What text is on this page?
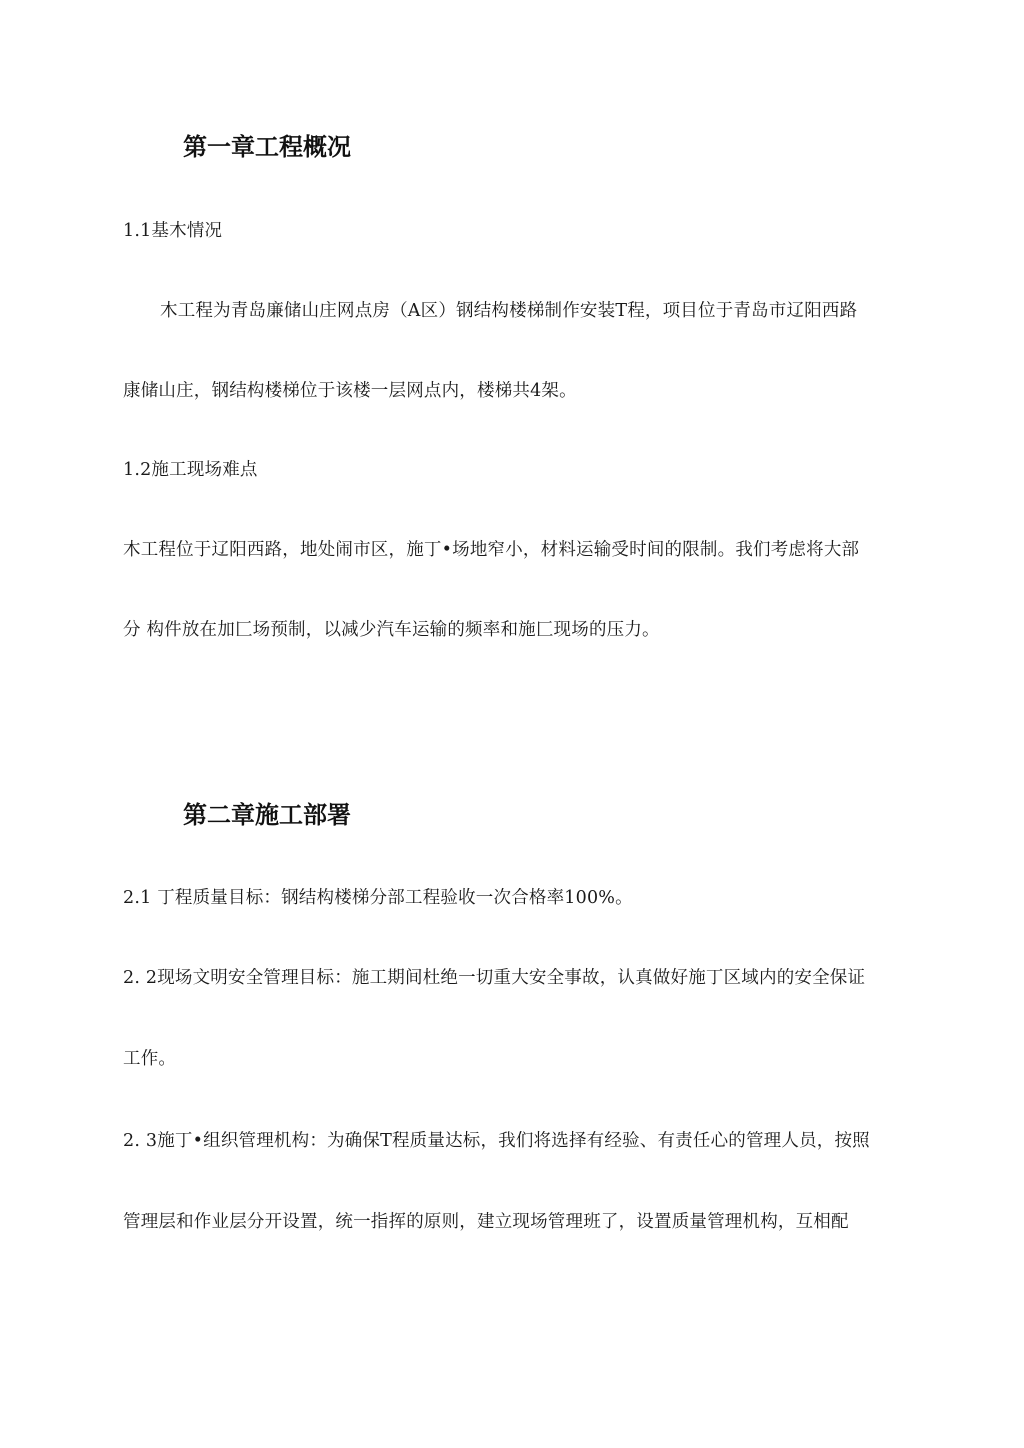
第一章工程概况
1.1基木情况
木工程为青岛廉储山庄网点房（A区）钢结构楼梯制作安装T程，项目位于青岛市辽阳西路
康储山庄，钢结构楼梯位于该楼一层网点内，楼梯共4架。
1.2施工现场难点
木工程位于辽阳西路，地处闹市区，施丁•场地窄小，材料运输受时间的限制。我们考虑将大部
分 构件放在加匚场预制，以减少汽车运输的频率和施匚现场的压力。
第二章施工部署
2.1 丁程质量目标：钢结构楼梯分部工程验收一次合格率100%。
2. 2现场文明安全管理目标：施工期间杜绝一切重大安全事故，认真做好施丁区域内的安全保证
工作。
2. 3施丁•组织管理机构：为确保T程质量达标，我们将选择有经验、有责任心的管理人员，按照
管理层和作业层分开设置，统一指挥的原则，建立现场管理班了，设置质量管理机构，互相配
